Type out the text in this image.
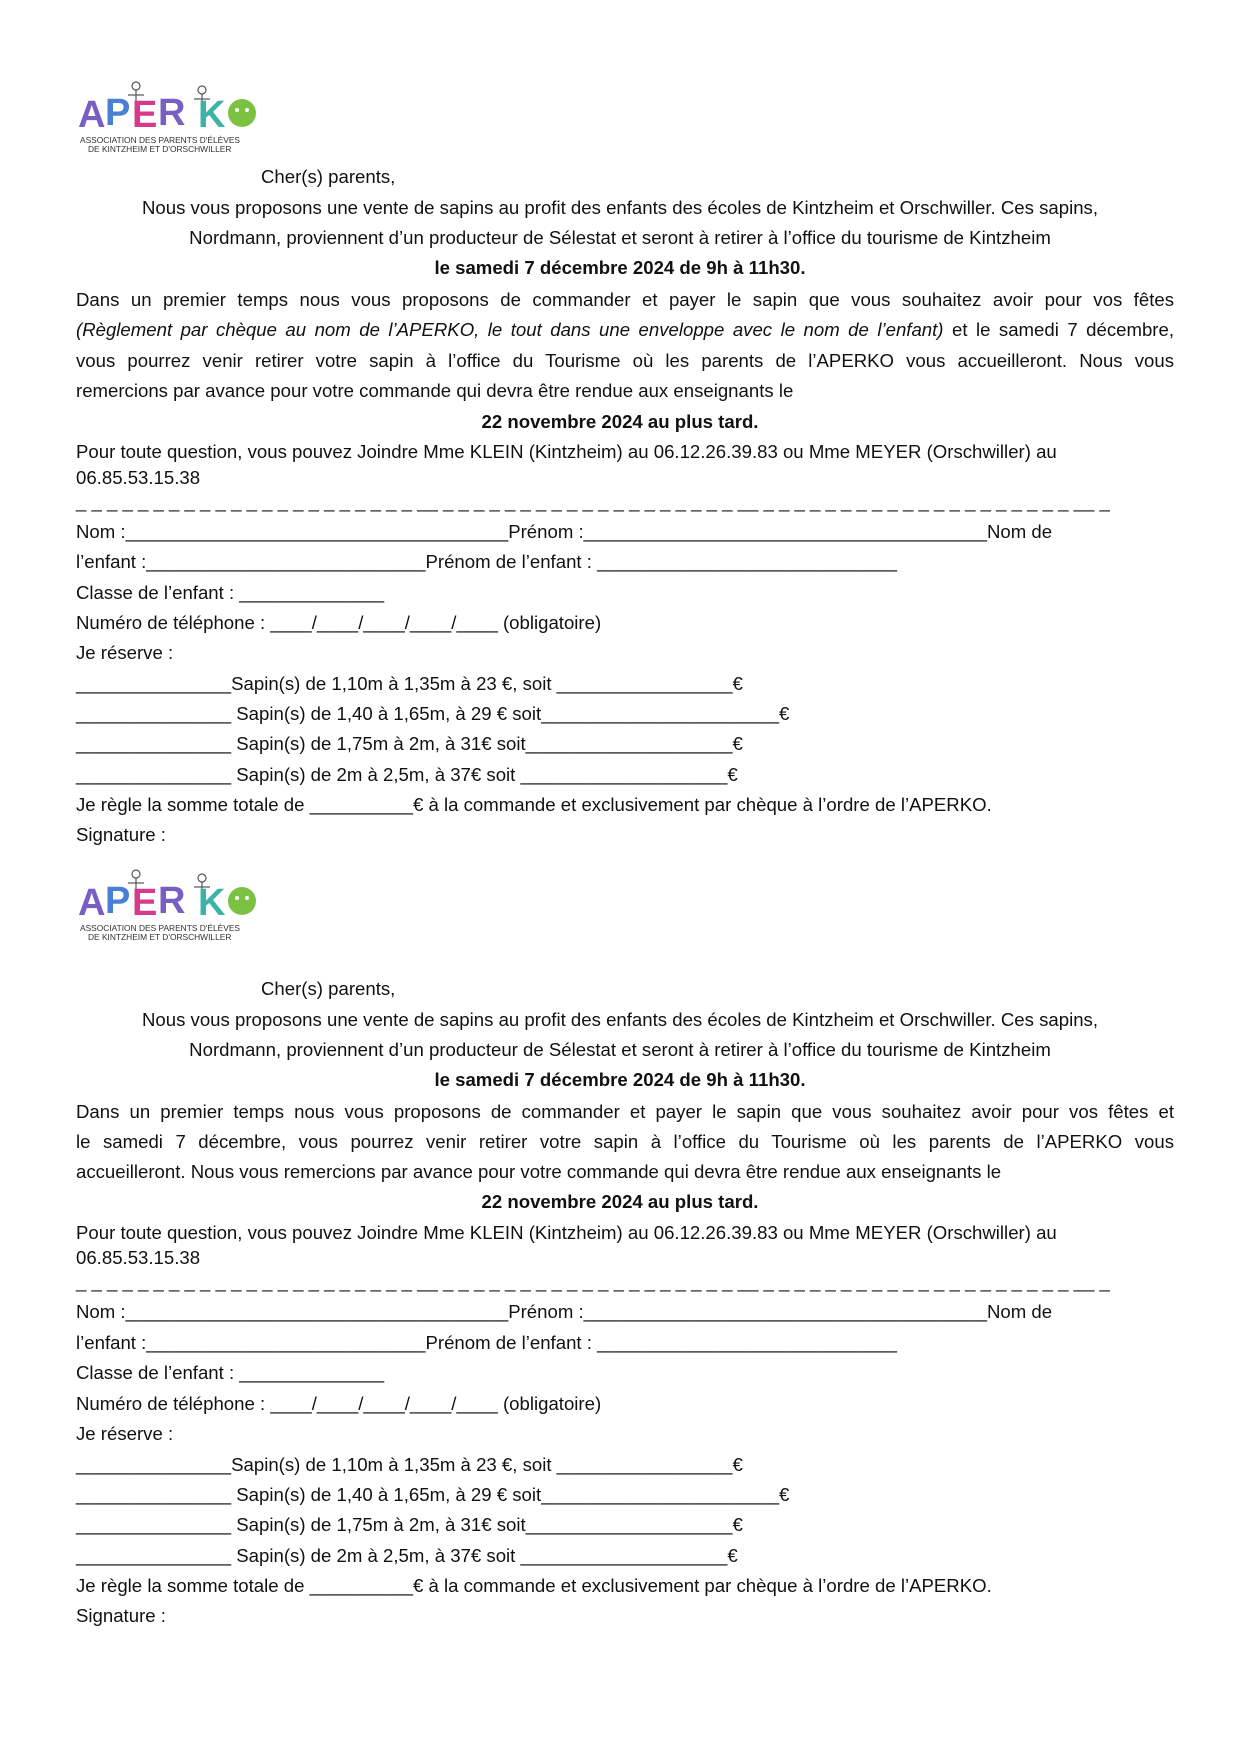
A P E R K
ASSOCIATION DES PARENTS D'ÉLÈVES
DE KINTZHEIM ET D'ORSCHWILLER
Cher(s) parents,
Nous vous proposons une vente de sapins au profit des enfants des écoles de Kintzheim et Orschwiller. Ces sapins,
Nordmann, proviennent d’un producteur de Sélestat et seront à retirer à l’office du tourisme de Kintzheim
le samedi 7 décembre 2024 de 9h à 11h30.
Dans un premier temps nous vous proposons de commander et payer le sapin que vous souhaitez avoir pour vos fêtes
(Règlement par chèque au nom de l’APERKO, le tout dans une enveloppe avec le nom de l’enfant) et le samedi 7 décembre,
vous pourrez venir retirer votre sapin à l’office du Tourisme où les parents de l’APERKO vous accueilleront. Nous vous
remercions par avance pour votre commande qui devra être rendue aux enseignants le
22 novembre 2024 au plus tard.
Pour toute question, vous pouvez Joindre Mme KLEIN (Kintzheim) au 06.12.26.39.83 ou Mme MEYER (Orschwiller) au
06.85.53.15.38
_ _ _ _ _ _ _ _ _ _ _ _ _ _ _ _ _ _ _ _ _ _ __ _ _ _ _ _ _ _ _ _ _ _ _ _ _ _ _ _ _ _ __ _ _ _ _ _ _ _ _ _ _ _ _ _ _ _ _ _ _ _ _ __ _
Nom :_____________________________________Prénom :_______________________________________Nom de
l’enfant :___________________________Prénom de l’enfant : _____________________________
Classe de l’enfant : ______________
Numéro de téléphone : ____/____/____/____/____ (obligatoire)
Je réserve :
_______________Sapin(s) de 1,10m à 1,35m à 23 €, soit _________________€
_______________ Sapin(s) de 1,40 à 1,65m, à 29 € soit_______________________€
_______________ Sapin(s) de 1,75m à 2m, à 31€ soit____________________€
_______________ Sapin(s) de 2m à 2,5m, à 37€ soit ____________________€
Je règle la somme totale de __________€ à la commande et exclusivement par chèque à l’ordre de l’APERKO.
Signature :
A P E R K
ASSOCIATION DES PARENTS D'ÉLÈVES
DE KINTZHEIM ET D'ORSCHWILLER
Cher(s) parents,
Nous vous proposons une vente de sapins au profit des enfants des écoles de Kintzheim et Orschwiller. Ces sapins,
Nordmann, proviennent d’un producteur de Sélestat et seront à retirer à l’office du tourisme de Kintzheim
le samedi 7 décembre 2024 de 9h à 11h30.
Dans un premier temps nous vous proposons de commander et payer le sapin que vous souhaitez avoir pour vos fêtes et
le samedi 7 décembre, vous pourrez venir retirer votre sapin à l’office du Tourisme où les parents de l’APERKO vous
accueilleront. Nous vous remercions par avance pour votre commande qui devra être rendue aux enseignants le
22 novembre 2024 au plus tard.
Pour toute question, vous pouvez Joindre Mme KLEIN (Kintzheim) au 06.12.26.39.83 ou Mme MEYER (Orschwiller) au
06.85.53.15.38
_ _ _ _ _ _ _ _ _ _ _ _ _ _ _ _ _ _ _ _ _ _ __ _ _ _ _ _ _ _ _ _ _ _ _ _ _ _ _ _ _ _ __ _ _ _ _ _ _ _ _ _ _ _ _ _ _ _ _ _ _ _ _ __ _
Nom :_____________________________________Prénom :_______________________________________Nom de
l’enfant :___________________________Prénom de l’enfant : _____________________________
Classe de l’enfant : ______________
Numéro de téléphone : ____/____/____/____/____ (obligatoire)
Je réserve :
_______________Sapin(s) de 1,10m à 1,35m à 23 €, soit _________________€
_______________ Sapin(s) de 1,40 à 1,65m, à 29 € soit_______________________€
_______________ Sapin(s) de 1,75m à 2m, à 31€ soit____________________€
_______________ Sapin(s) de 2m à 2,5m, à 37€ soit ____________________€
Je règle la somme totale de __________€ à la commande et exclusivement par chèque à l’ordre de l’APERKO.
Signature :
